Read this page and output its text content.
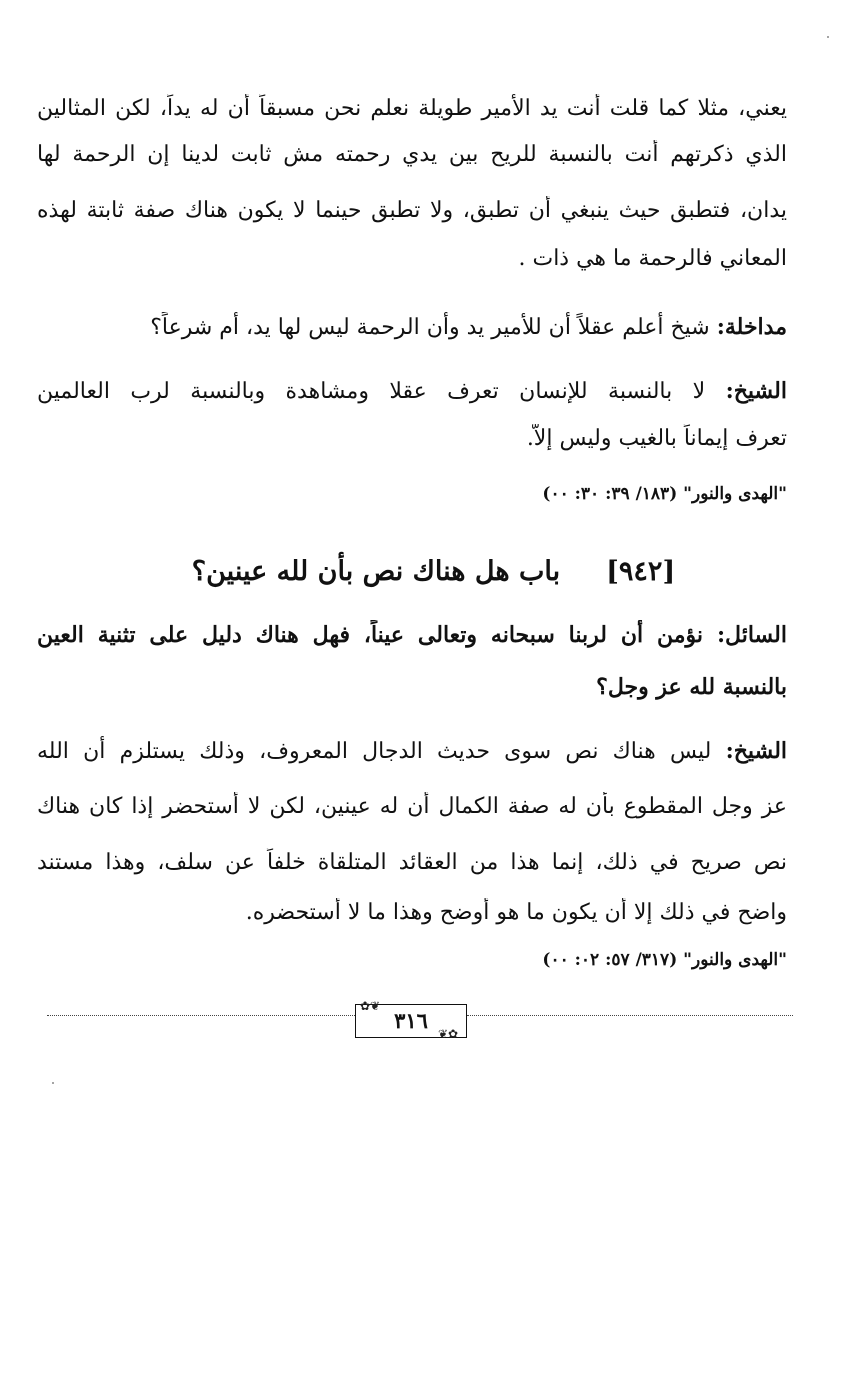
يعني، مثلا كما قلت أنت يد الأمير طويلة نعلم نحن مسبقاً أن له يداً، لكن المثالين
الذي ذكرتهم أنت بالنسبة للريح بين يدي رحمته مش ثابت لدينا إن الرحمة لها
يدان، فتطبق حيث ينبغي أن تطبق، ولا تطبق حينما لا يكون هناك صفة ثابتة لهذه
المعاني فالرحمة ما هي ذات .
مداخلة: شيخ أعلم عقلاً أن للأمير يد وأن الرحمة ليس لها يد، أم شرعاً؟
الشيخ: لا بالنسبة للإنسان تعرف عقلا ومشاهدة وبالنسبة لرب العالمين
تعرف إيماناً بالغيب وليس إلاَّ.
"الهدى والنور" (١٨٣/ ٣٩: ٣٠: ٠٠)
[٩٤٢]باب هل هناك نص بأن لله عينين؟
السائل: نؤمن أن لربنا سبحانه وتعالى عيناً، فهل هناك دليل على تثنية العين
بالنسبة لله عز وجل؟
الشيخ: ليس هناك نص سوى حديث الدجال المعروف، وذلك يستلزم أن الله
عز وجل المقطوع بأن له صفة الكمال أن له عينين، لكن لا أستحضر إذا كان هناك
نص صريح في ذلك، إنما هذا من العقائد المتلقاة خلفاً عن سلف، وهذا مستند
واضح في ذلك إلا أن يكون ما هو أوضح وهذا ما لا أستحضره.
"الهدى والنور" (٣١٧/ ٥٧: ٠٢: ٠٠)
٣١٦
✿❦
❦✿
